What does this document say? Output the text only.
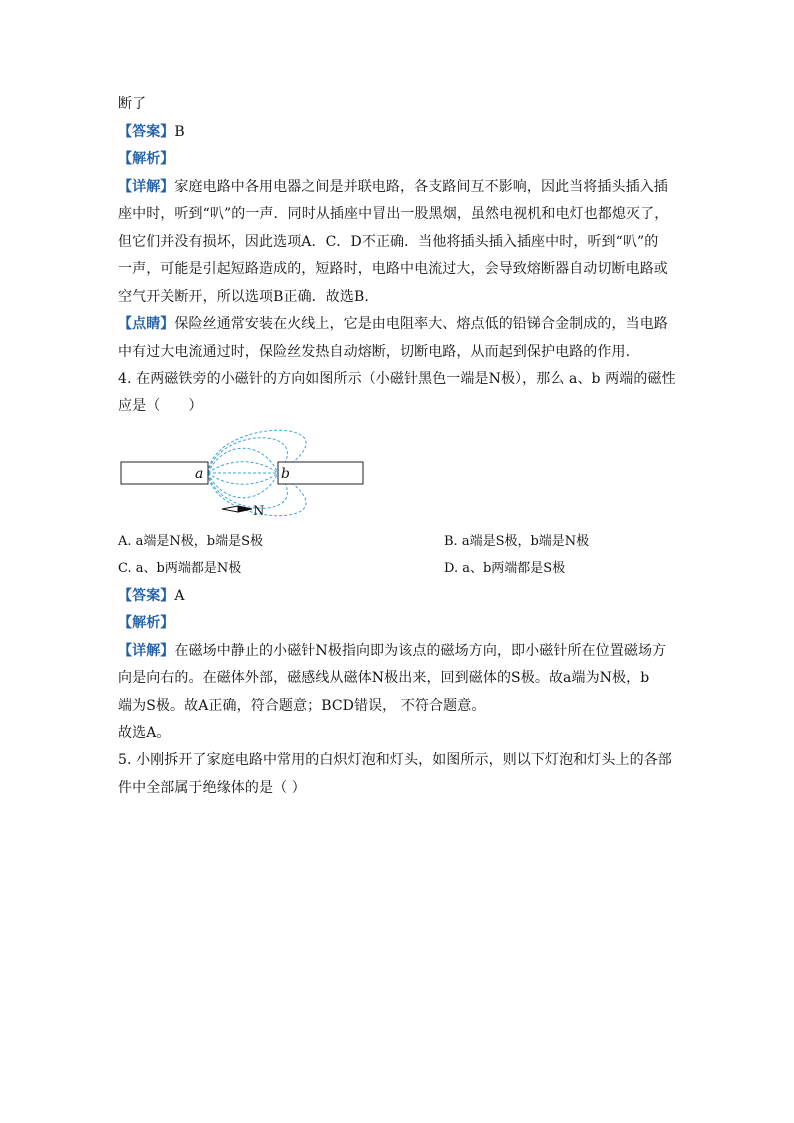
断了
【答案】B
【解析】
【详解】家庭电路中各用电器之间是并联电路，各支路间互不影响，因此当将插头插入插
座中时，听到“叭”的一声．同时从插座中冒出一股黑烟，虽然电视机和电灯也都熄灭了，
但它们并没有损坏，因此选项A．C．D不正确．当他将插头插入插座中时，听到“叭”的
一声，可能是引起短路造成的，短路时，电路中电流过大，会导致熔断器自动切断电路或
空气开关断开，所以选项B正确．故选B.
【点睛】保险丝通常安装在火线上，它是由电阻率大、熔点低的铅锑合金制成的，当电路
中有过大电流通过时，保险丝发热自动熔断，切断电路，从而起到保护电路的作用.
4. 在两磁铁旁的小磁针的方向如图所示（小磁针黑色一端是N极），那么 a、b 两端的磁性
应是（　　）
a	b
N
A. a端是N极，b端是S极	B. a端是S极，b端是N极
C. a、b两端都是N极	D. a、b两端都是S极
【答案】A
【解析】
【详解】在磁场中静止的小磁针N极指向即为该点的磁场方向，即小磁针所在位置磁场方
向是向右的。在磁体外部，磁感线从磁体N极出来，回到磁体的S极。故a端为N极，b
端为S极。故A正确，符合题意；BCD错误， 不符合题意。
故选A。
5. 小刚拆开了家庭电路中常用的白炽灯泡和灯头，如图所示，则以下灯泡和灯头上的各部
件中全部属于绝缘体的是（ ）
